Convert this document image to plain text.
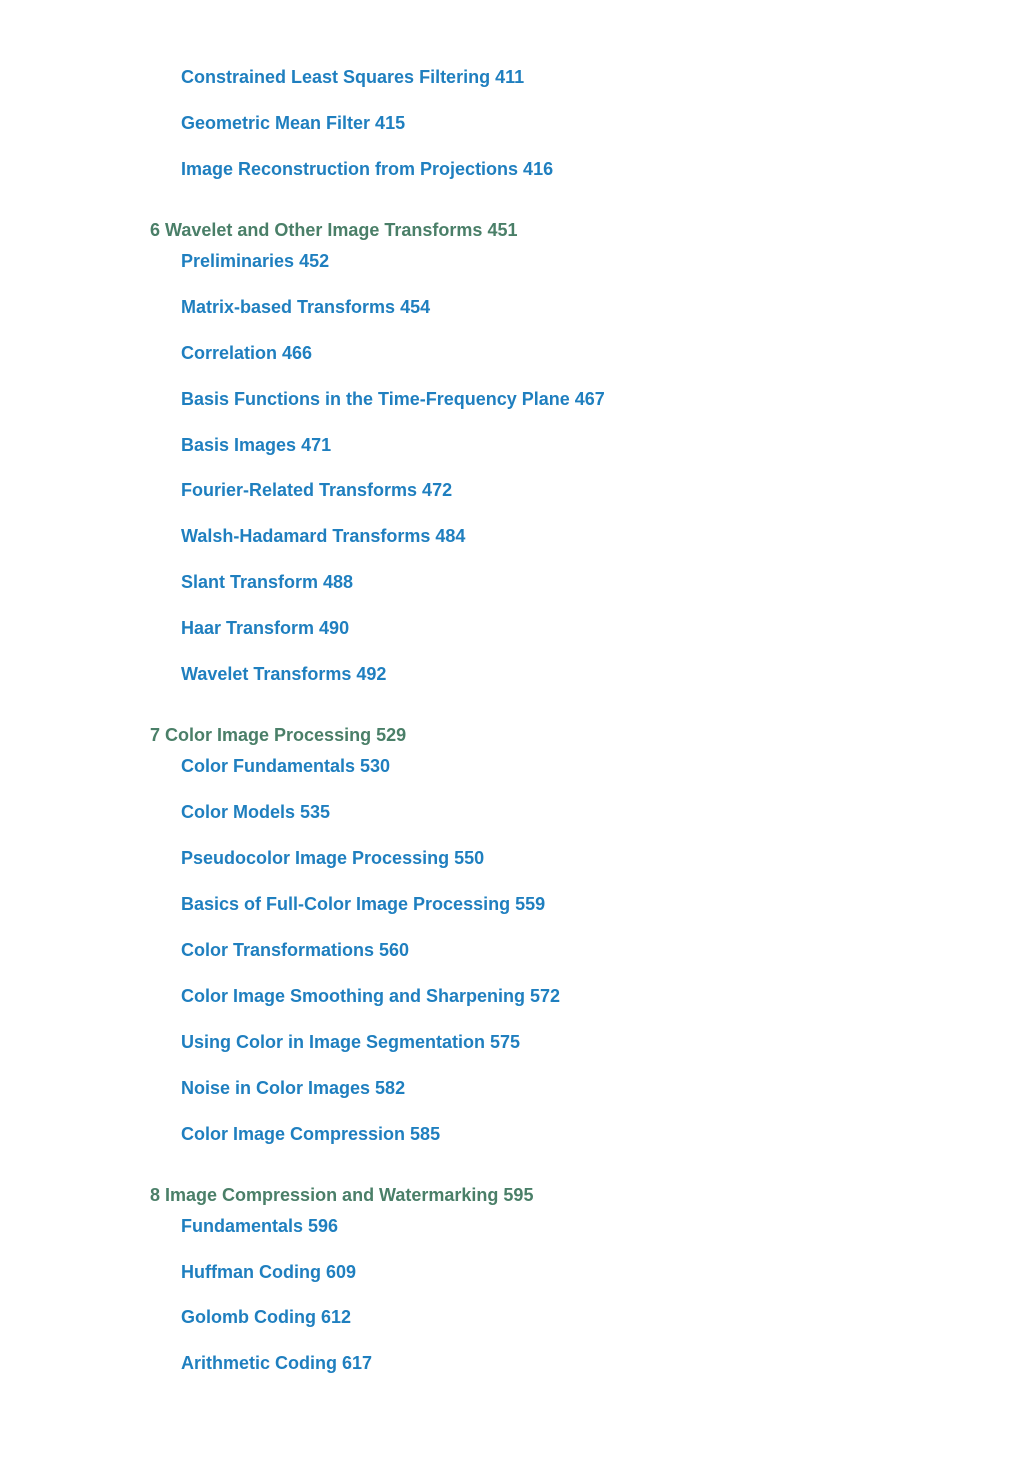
Constrained Least Squares Filtering 411
Geometric Mean Filter 415
Image Reconstruction from Projections 416
6 Wavelet and Other Image Transforms 451
Preliminaries 452
Matrix-based Transforms 454
Correlation 466
Basis Functions in the Time-Frequency Plane 467
Basis Images 471
Fourier-Related Transforms 472
Walsh-Hadamard Transforms 484
Slant Transform 488
Haar Transform 490
Wavelet Transforms 492
7 Color Image Processing 529
Color Fundamentals 530
Color Models 535
Pseudocolor Image Processing 550
Basics of Full-Color Image Processing 559
Color Transformations 560
Color Image Smoothing and Sharpening 572
Using Color in Image Segmentation 575
Noise in Color Images 582
Color Image Compression 585
8 Image Compression and Watermarking 595
Fundamentals 596
Huffman Coding 609
Golomb Coding 612
Arithmetic Coding 617
